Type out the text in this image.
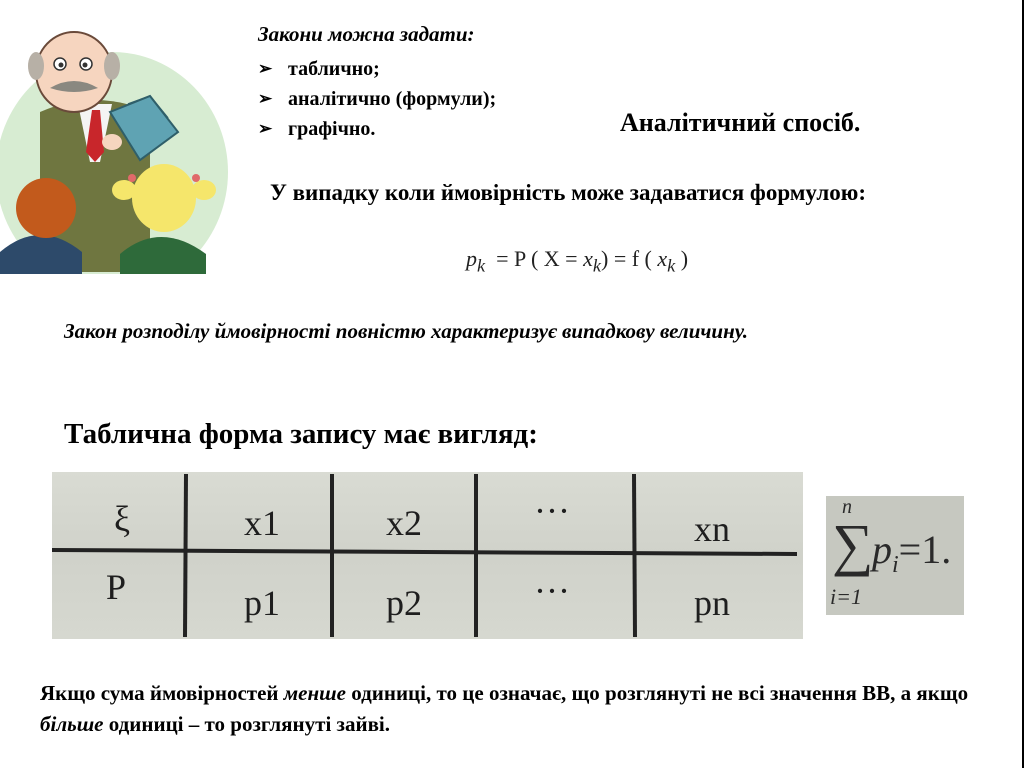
Закони можна задати:
➢ таблично;
➢ аналітично (формули);
➢ графічно.	Аналітичний спосіб.
У випадку коли ймовірність може задаватися формулою:
$p_k = P$ ( $X = x_k) = f$ ( $x_k$ )
Закон розподілу ймовірності повністю характеризує випадкову величину.
Таблична форма запису має вигляд:
ξ	x1	x2	···	xn
P	p1	p2	···	pn
n
∑
i=1
$p_i=1$.
Якщо сума ймовірностей менше одиниці, то це означає, що розглянуті не всі значення ВВ, а якщо більше одиниці – то розглянуті зайві.
